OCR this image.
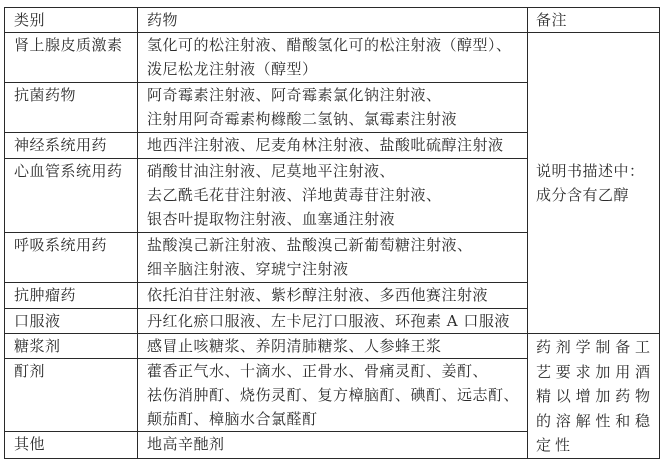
类别	药物	备注

肾上腺皮质激素	氢化可的松注射液、醋酸氢化可的松注射液（醇型）、
泼尼松龙注射液（醇型）	说明书描述中：
成分含有乙醇

抗菌药物	阿奇霉素注射液、阿奇霉素氯化钠注射液、
注射用阿奇霉素枸橼酸二氢钠、氯霉素注射液	

神经系统用药	地西泮注射液、尼麦角林注射液、盐酸吡硫醇注射液	

心血管系统用药	硝酸甘油注射液、尼莫地平注射液、
去乙酰毛花苷注射液、洋地黄毒苷注射液、
银杏叶提取物注射液、血塞通注射液	

呼吸系统用药	盐酸溴己新注射液、盐酸溴己新葡萄糖注射液、
细辛脑注射液、穿琥宁注射液	

抗肿瘤药	依托泊苷注射液、紫杉醇注射液、多西他赛注射液	

口服液	丹红化瘀口服液、左卡尼汀口服液、环孢素 A 口服液	

糖浆剂	感冒止咳糖浆、养阴清肺糖浆、人参蜂王浆	药剂学制备工
艺要求加用酒
精以增加药物
的溶解性和稳
定性

酊剂	藿香正气水、十滴水、正骨水、骨痛灵酊、姜酊、
祛伤消肿酊、烧伤灵酊、复方樟脑酊、碘酊、远志酊、
颠茄酊、樟脑水合氯醛酊	

其他	地高辛酏剂	
